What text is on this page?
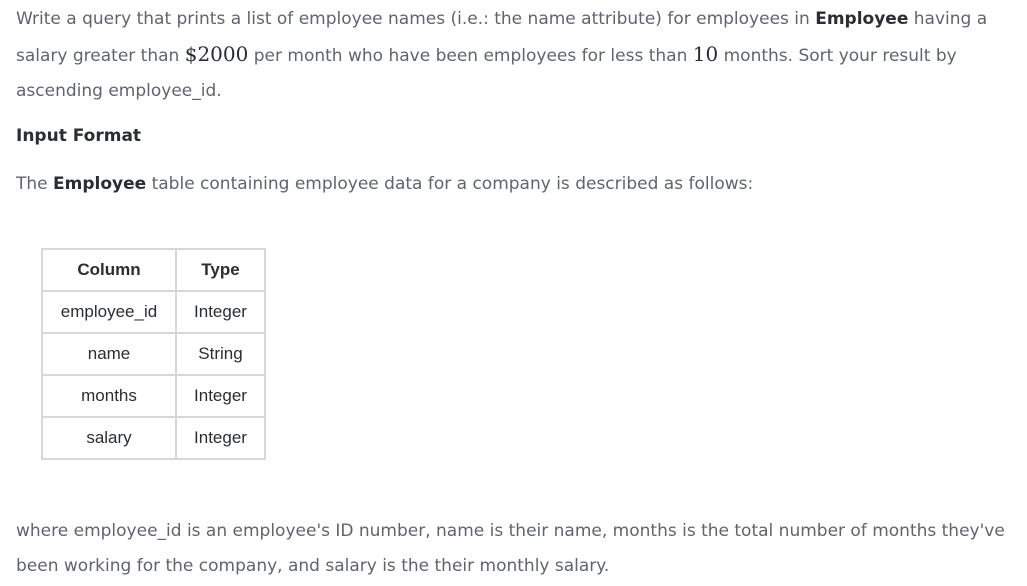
Write a query that prints a list of employee names (i.e.: the name attribute) for employees in Employee having a salary greater than $2000 per month who have been employees for less than 10 months. Sort your result by ascending employee_id.

Input Format

The Employee table containing employee data for a company is described as follows:

Column	Type
employee_id	Integer
name	String
months	Integer
salary	Integer

where employee_id is an employee's ID number, name is their name, months is the total number of months they've been working for the company, and salary is the their monthly salary.
